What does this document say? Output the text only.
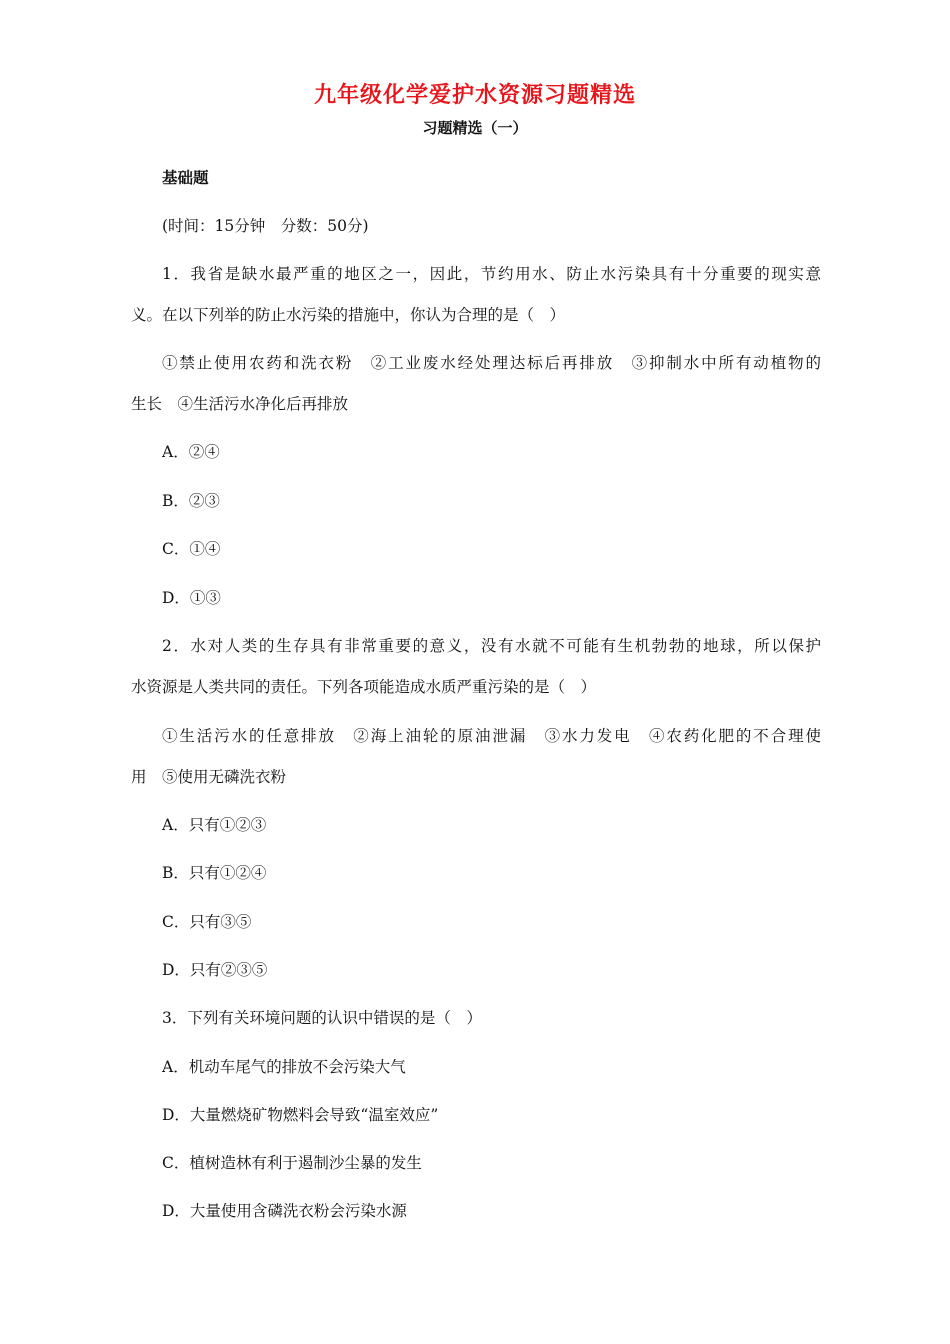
九年级化学爱护水资源习题精选
习题精选（一）
基础题
(时间：15分钟　分数：50分)
1．我省是缺水最严重的地区之一，因此，节约用水、防止水污染具有十分重要的现实意
义。在以下列举的防止水污染的措施中，你认为合理的是（　）
①禁止使用农药和洗衣粉　②工业废水经处理达标后再排放　③抑制水中所有动植物的
生长　④生活污水净化后再排放
A．②④
B．②③
C．①④
D．①③
2．水对人类的生存具有非常重要的意义，没有水就不可能有生机勃勃的地球，所以保护
水资源是人类共同的责任。下列各项能造成水质严重污染的是（　）
①生活污水的任意排放　②海上油轮的原油泄漏　③水力发电　④农药化肥的不合理使
用　⑤使用无磷洗衣粉
A．只有①②③
B．只有①②④
C．只有③⑤
D．只有②③⑤
3．下列有关环境问题的认识中错误的是（　）
A．机动车尾气的排放不会污染大气
D．大量燃烧矿物燃料会导致“温室效应”
C．植树造林有利于遏制沙尘暴的发生
D．大量使用含磷洗衣粉会污染水源
